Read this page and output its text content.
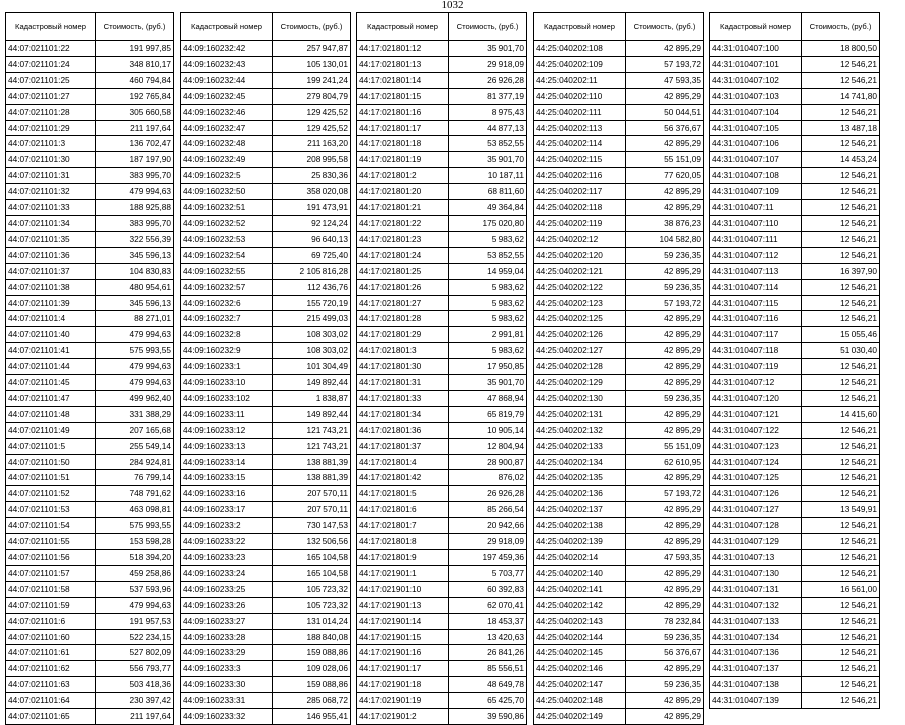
1032
Кадастровый номер	Стоимость, (руб.)
44:07:021101:22	191 997,85
44:07:021101:24	348 810,17
44:07:021101:25	460 794,84
44:07:021101:27	192 765,84
44:07:021101:28	305 660,58
44:07:021101:29	211 197,64
44:07:021101:3	136 702,47
44:07:021101:30	187 197,90
44:07:021101:31	383 995,70
44:07:021101:32	479 994,63
44:07:021101:33	188 925,88
44:07:021101:34	383 995,70
44:07:021101:35	322 556,39
44:07:021101:36	345 596,13
44:07:021101:37	104 830,83
44:07:021101:38	480 954,61
44:07:021101:39	345 596,13
44:07:021101:4	88 271,01
44:07:021101:40	479 994,63
44:07:021101:41	575 993,55
44:07:021101:44	479 994,63
44:07:021101:45	479 994,63
44:07:021101:47	499 962,40
44:07:021101:48	331 388,29
44:07:021101:49	207 165,68
44:07:021101:5	255 549,14
44:07:021101:50	284 924,81
44:07:021101:51	76 799,14
44:07:021101:52	748 791,62
44:07:021101:53	463 098,81
44:07:021101:54	575 993,55
44:07:021101:55	153 598,28
44:07:021101:56	518 394,20
44:07:021101:57	459 258,86
44:07:021101:58	537 593,96
44:07:021101:59	479 994,63
44:07:021101:6	191 957,53
44:07:021101:60	522 234,15
44:07:021101:61	527 802,09
44:07:021101:62	556 793,77
44:07:021101:63	503 418,36
44:07:021101:64	230 397,42
44:07:021101:65	211 197,64
Кадастровый номер	Стоимость, (руб.)
44:09:160232:42	257 947,87
44:09:160232:43	105 130,01
44:09:160232:44	199 241,24
44:09:160232:45	279 804,79
44:09:160232:46	129 425,52
44:09:160232:47	129 425,52
44:09:160232:48	211 163,20
44:09:160232:49	208 995,58
44:09:160232:5	25 830,36
44:09:160232:50	358 020,08
44:09:160232:51	191 473,91
44:09:160232:52	92 124,24
44:09:160232:53	96 640,13
44:09:160232:54	69 725,40
44:09:160232:55	2 105 816,28
44:09:160232:57	112 436,76
44:09:160232:6	155 720,19
44:09:160232:7	215 499,03
44:09:160232:8	108 303,02
44:09:160232:9	108 303,02
44:09:160233:1	101 304,49
44:09:160233:10	149 892,44
44:09:160233:102	1 838,87
44:09:160233:11	149 892,44
44:09:160233:12	121 743,21
44:09:160233:13	121 743,21
44:09:160233:14	138 881,39
44:09:160233:15	138 881,39
44:09:160233:16	207 570,11
44:09:160233:17	207 570,11
44:09:160233:2	730 147,53
44:09:160233:22	132 506,56
44:09:160233:23	165 104,58
44:09:160233:24	165 104,58
44:09:160233:25	105 723,32
44:09:160233:26	105 723,32
44:09:160233:27	131 014,24
44:09:160233:28	188 840,08
44:09:160233:29	159 088,86
44:09:160233:3	109 028,06
44:09:160233:30	159 088,86
44:09:160233:31	285 068,72
44:09:160233:32	146 955,41
Кадастровый номер	Стоимость, (руб.)
44:17:021801:12	35 901,70
44:17:021801:13	29 918,09
44:17:021801:14	26 926,28
44:17:021801:15	81 377,19
44:17:021801:16	8 975,43
44:17:021801:17	44 877,13
44:17:021801:18	53 852,55
44:17:021801:19	35 901,70
44:17:021801:2	10 187,11
44:17:021801:20	68 811,60
44:17:021801:21	49 364,84
44:17:021801:22	175 020,80
44:17:021801:23	5 983,62
44:17:021801:24	53 852,55
44:17:021801:25	14 959,04
44:17:021801:26	5 983,62
44:17:021801:27	5 983,62
44:17:021801:28	5 983,62
44:17:021801:29	2 991,81
44:17:021801:3	5 983,62
44:17:021801:30	17 950,85
44:17:021801:31	35 901,70
44:17:021801:33	47 868,94
44:17:021801:34	65 819,79
44:17:021801:36	10 905,14
44:17:021801:37	12 804,94
44:17:021801:4	28 900,87
44:17:021801:42	876,02
44:17:021801:5	26 926,28
44:17:021801:6	85 266,54
44:17:021801:7	20 942,66
44:17:021801:8	29 918,09
44:17:021801:9	197 459,36
44:17:021901:1	5 703,77
44:17:021901:10	60 392,83
44:17:021901:13	62 070,41
44:17:021901:14	18 453,37
44:17:021901:15	13 420,63
44:17:021901:16	26 841,26
44:17:021901:17	85 556,51
44:17:021901:18	48 649,78
44:17:021901:19	65 425,70
44:17:021901:2	39 590,86
Кадастровый номер	Стоимость, (руб.)
44:25:040202:108	42 895,29
44:25:040202:109	57 193,72
44:25:040202:11	47 593,35
44:25:040202:110	42 895,29
44:25:040202:111	50 044,51
44:25:040202:113	56 376,67
44:25:040202:114	42 895,29
44:25:040202:115	55 151,09
44:25:040202:116	77 620,05
44:25:040202:117	42 895,29
44:25:040202:118	42 895,29
44:25:040202:119	38 876,23
44:25:040202:12	104 582,80
44:25:040202:120	59 236,35
44:25:040202:121	42 895,29
44:25:040202:122	59 236,35
44:25:040202:123	57 193,72
44:25:040202:125	42 895,29
44:25:040202:126	42 895,29
44:25:040202:127	42 895,29
44:25:040202:128	42 895,29
44:25:040202:129	42 895,29
44:25:040202:130	59 236,35
44:25:040202:131	42 895,29
44:25:040202:132	42 895,29
44:25:040202:133	55 151,09
44:25:040202:134	62 610,95
44:25:040202:135	42 895,29
44:25:040202:136	57 193,72
44:25:040202:137	42 895,29
44:25:040202:138	42 895,29
44:25:040202:139	42 895,29
44:25:040202:14	47 593,35
44:25:040202:140	42 895,29
44:25:040202:141	42 895,29
44:25:040202:142	42 895,29
44:25:040202:143	78 232,84
44:25:040202:144	59 236,35
44:25:040202:145	56 376,67
44:25:040202:146	42 895,29
44:25:040202:147	59 236,35
44:25:040202:148	42 895,29
44:25:040202:149	42 895,29
Кадастровый номер	Стоимость, (руб.)
44:31:010407:100	18 800,50
44:31:010407:101	12 546,21
44:31:010407:102	12 546,21
44:31:010407:103	14 741,80
44:31:010407:104	12 546,21
44:31:010407:105	13 487,18
44:31:010407:106	12 546,21
44:31:010407:107	14 453,24
44:31:010407:108	12 546,21
44:31:010407:109	12 546,21
44:31:010407:11	12 546,21
44:31:010407:110	12 546,21
44:31:010407:111	12 546,21
44:31:010407:112	12 546,21
44:31:010407:113	16 397,90
44:31:010407:114	12 546,21
44:31:010407:115	12 546,21
44:31:010407:116	12 546,21
44:31:010407:117	15 055,46
44:31:010407:118	51 030,40
44:31:010407:119	12 546,21
44:31:010407:12	12 546,21
44:31:010407:120	12 546,21
44:31:010407:121	14 415,60
44:31:010407:122	12 546,21
44:31:010407:123	12 546,21
44:31:010407:124	12 546,21
44:31:010407:125	12 546,21
44:31:010407:126	12 546,21
44:31:010407:127	13 549,91
44:31:010407:128	12 546,21
44:31:010407:129	12 546,21
44:31:010407:13	12 546,21
44:31:010407:130	12 546,21
44:31:010407:131	16 561,00
44:31:010407:132	12 546,21
44:31:010407:133	12 546,21
44:31:010407:134	12 546,21
44:31:010407:136	12 546,21
44:31:010407:137	12 546,21
44:31:010407:138	12 546,21
44:31:010407:139	12 546,21
